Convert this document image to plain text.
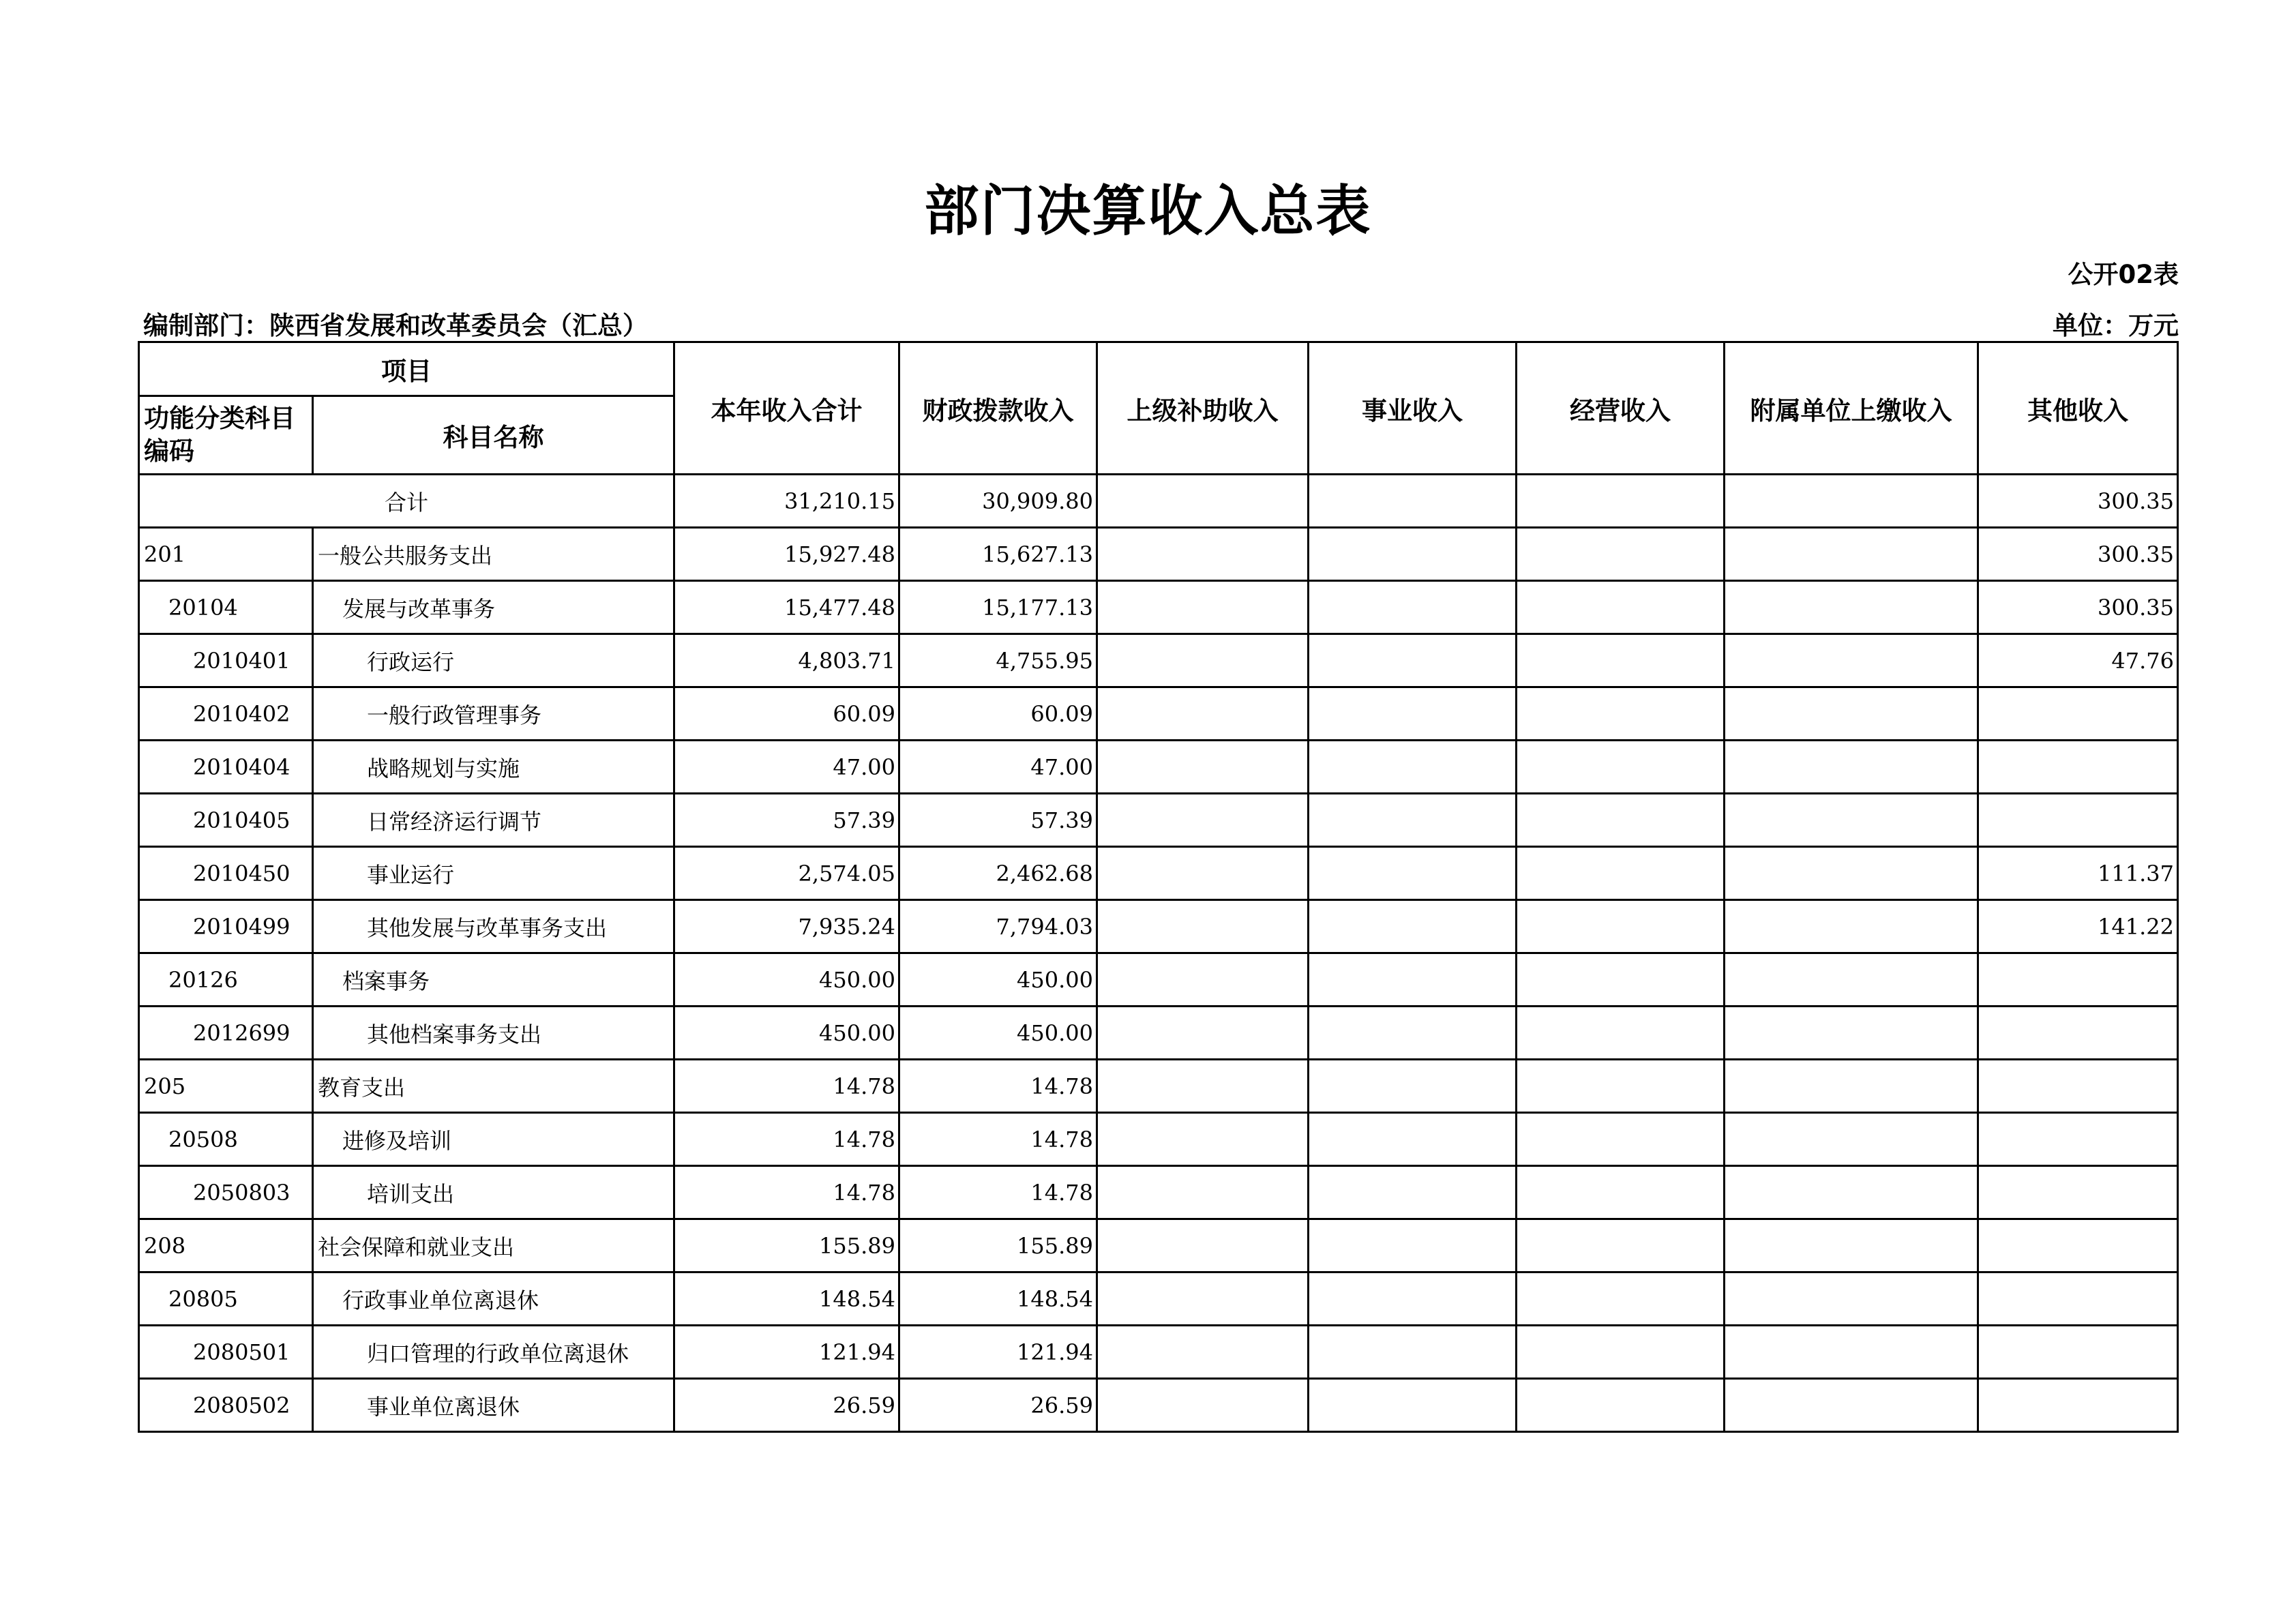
部门决算收入总表
公开02表
编制部门：陕西省发展和改革委员会（汇总）	单位：万元
项目		本年收入合计	财政拨款收入	上级补助收入	事业收入	经营收入	附属单位上缴收入	其他收入
功能分类科目编码	科目名称							
合计		31,210.15	30,909.80					300.35
201	一般公共服务支出	15,927.48	15,627.13					300.35
20104	发展与改革事务	15,477.48	15,177.13					300.35
2010401	行政运行	4,803.71	4,755.95					47.76
2010402	一般行政管理事务	60.09	60.09					
2010404	战略规划与实施	47.00	47.00					
2010405	日常经济运行调节	57.39	57.39					
2010450	事业运行	2,574.05	2,462.68					111.37
2010499	其他发展与改革事务支出	7,935.24	7,794.03					141.22
20126	档案事务	450.00	450.00					
2012699	其他档案事务支出	450.00	450.00					
205	教育支出	14.78	14.78					
20508	进修及培训	14.78	14.78					
2050803	培训支出	14.78	14.78					
208	社会保障和就业支出	155.89	155.89					
20805	行政事业单位离退休	148.54	148.54					
2080501	归口管理的行政单位离退休	121.94	121.94					
2080502	事业单位离退休	26.59	26.59					
